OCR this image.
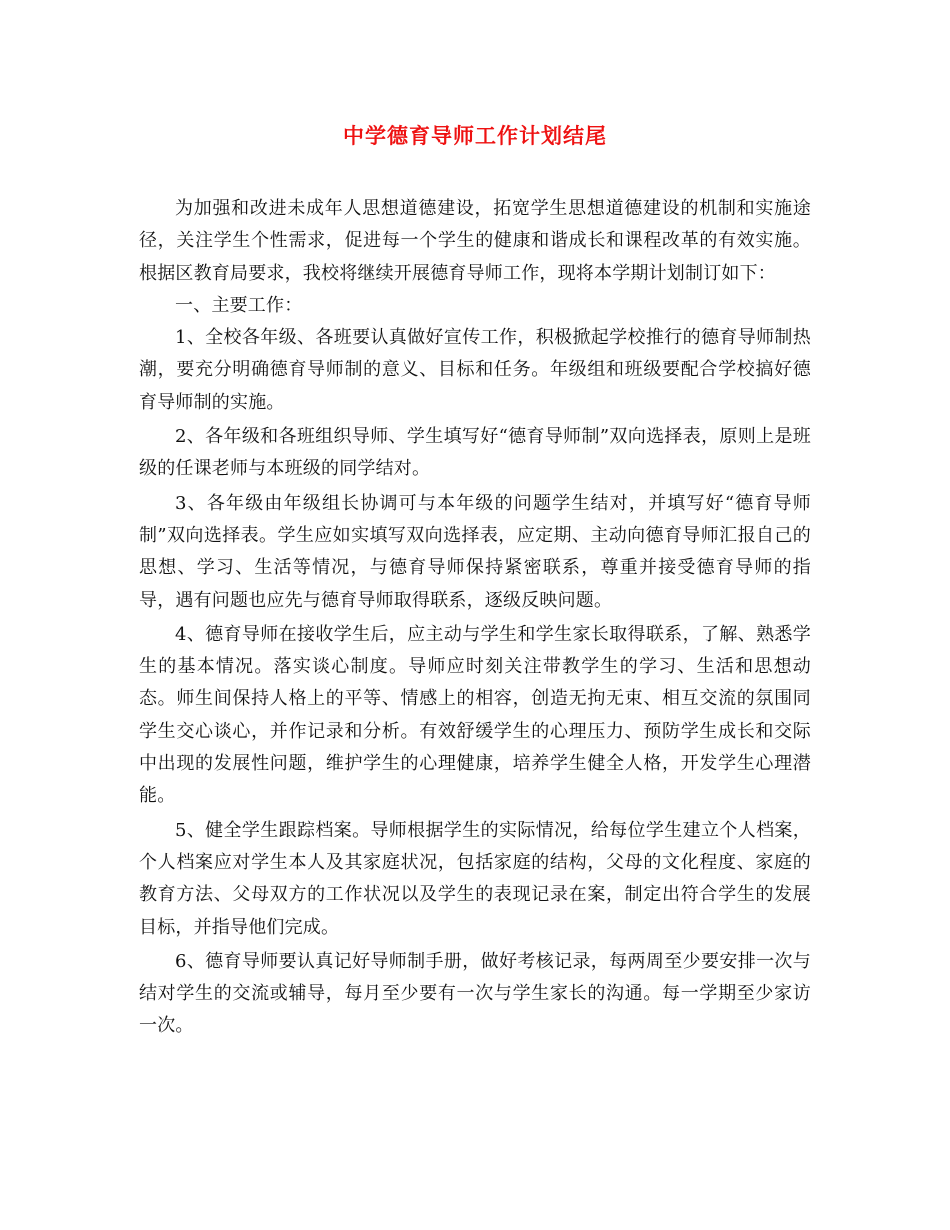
中学德育导师工作计划结尾

为加强和改进未成年人思想道德建设，拓宽学生思想道德建设的机制和实施途径，关注学生个性需求，促进每一个学生的健康和谐成长和课程改革的有效实施。根据区教育局要求，我校将继续开展德育导师工作，现将本学期计划制订如下：

一、主要工作：

1、全校各年级、各班要认真做好宣传工作，积极掀起学校推行的德育导师制热潮，要充分明确德育导师制的意义、目标和任务。年级组和班级要配合学校搞好德育导师制的实施。

2、各年级和各班组织导师、学生填写好“德育导师制”双向选择表，原则上是班级的任课老师与本班级的同学结对。

3、各年级由年级组长协调可与本年级的问题学生结对，并填写好“德育导师制”双向选择表。学生应如实填写双向选择表，应定期、主动向德育导师汇报自己的思想、学习、生活等情况，与德育导师保持紧密联系，尊重并接受德育导师的指导，遇有问题也应先与德育导师取得联系，逐级反映问题。

4、德育导师在接收学生后，应主动与学生和学生家长取得联系，了解、熟悉学生的基本情况。落实谈心制度。导师应时刻关注带教学生的学习、生活和思想动态。师生间保持人格上的平等、情感上的相容，创造无拘无束、相互交流的氛围同学生交心谈心，并作记录和分析。有效舒缓学生的心理压力、预防学生成长和交际中出现的发展性问题，维护学生的心理健康，培养学生健全人格，开发学生心理潜能。

5、健全学生跟踪档案。导师根据学生的实际情况，给每位学生建立个人档案，个人档案应对学生本人及其家庭状况，包括家庭的结构，父母的文化程度、家庭的教育方法、父母双方的工作状况以及学生的表现记录在案，制定出符合学生的发展目标，并指导他们完成。

6、德育导师要认真记好导师制手册，做好考核记录，每两周至少要安排一次与结对学生的交流或辅导，每月至少要有一次与学生家长的沟通。每一学期至少家访一次。
